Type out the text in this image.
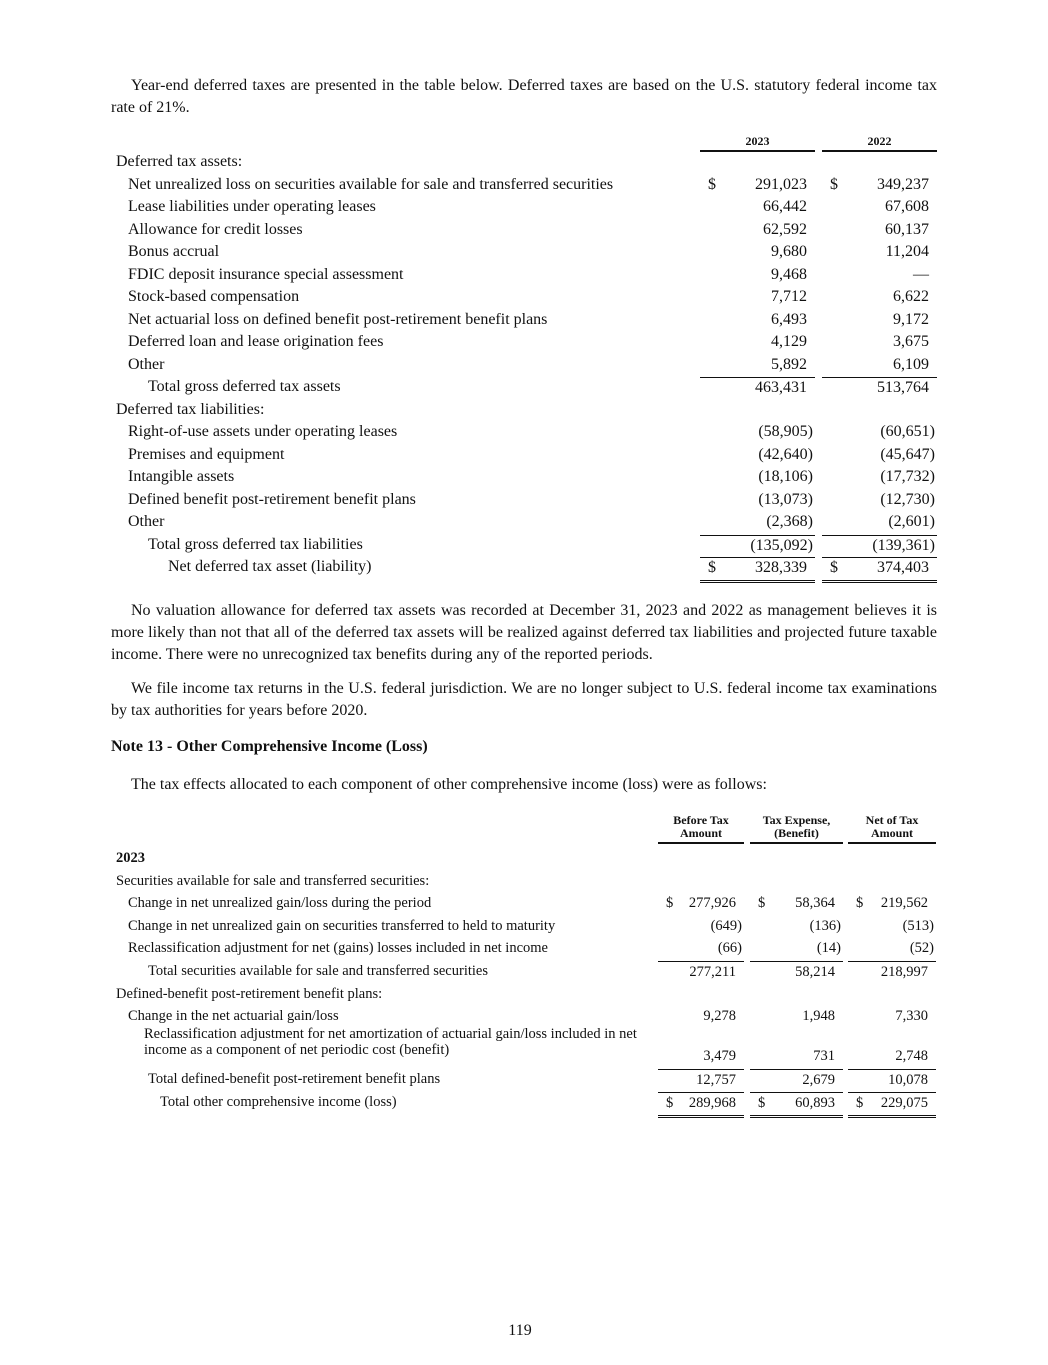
Year-end deferred taxes are presented in the table below. Deferred taxes are based on the U.S. statutory federal income tax rate of 21%.

2023	2022
Deferred tax assets:
Net unrealized loss on securities available for sale and transferred securities	$ 291,023 $ 349,237
Lease liabilities under operating leases	66,442	67,608
Allowance for credit losses	62,592	60,137
Bonus accrual	9,680	11,204
FDIC deposit insurance special assessment	9,468	—
Stock-based compensation	7,712	6,622
Net actuarial loss on defined benefit post-retirement benefit plans	6,493	9,172
Deferred loan and lease origination fees	4,129	3,675
Other	5,892	6,109
Total gross deferred tax assets	463,431	513,764
Deferred tax liabilities:
Right-of-use assets under operating leases	(58,905)	(60,651)
Premises and equipment	(42,640)	(45,647)
Intangible assets	(18,106)	(17,732)
Defined benefit post-retirement benefit plans	(13,073)	(12,730)
Other	(2,368)	(2,601)
Total gross deferred tax liabilities	(135,092)	(139,361)
Net deferred tax asset (liability)	$ 328,339 $ 374,403

No valuation allowance for deferred tax assets was recorded at December 31, 2023 and 2022 as management believes it is more likely than not that all of the deferred tax assets will be realized against deferred tax liabilities and projected future taxable income. There were no unrecognized tax benefits during any of the reported periods.

We file income tax returns in the U.S. federal jurisdiction. We are no longer subject to U.S. federal income tax examinations by tax authorities for years before 2020.

Note 13 - Other Comprehensive Income (Loss)

The tax effects allocated to each component of other comprehensive income (loss) were as follows:

Before Tax
Amount
Tax Expense,
(Benefit)
Net of Tax
Amount
2023
Securities available for sale and transferred securities:
Change in net unrealized gain/loss during the period	$ 277,926 $ 58,364 $ 219,562
Change in net unrealized gain on securities transferred to held to maturity	(649)	(136)	(513)
Reclassification adjustment for net (gains) losses included in net income	(66)	(14)	(52)
Total securities available for sale and transferred securities	277,211	58,214	218,997
Defined-benefit post-retirement benefit plans:
Change in the net actuarial gain/loss	9,278	1,948	7,330
Reclassification adjustment for net amortization of actuarial gain/loss included in net income as a component of net periodic cost (benefit)	3,479	731	2,748
Total defined-benefit post-retirement benefit plans	12,757	2,679	10,078
Total other comprehensive income (loss)	$ 289,968 $ 60,893 $ 229,075
119
